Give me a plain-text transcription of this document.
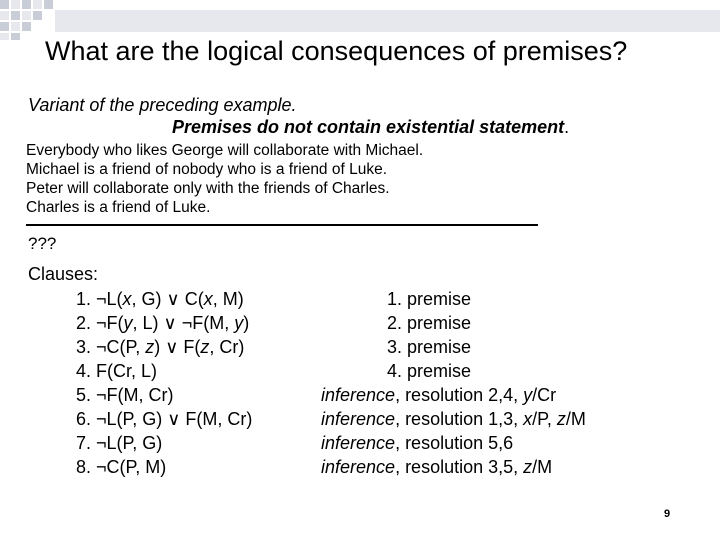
What are the logical consequences of premises?
Variant of the preceding example.
Premises do not contain existential statement.
Everybody who likes George will collaborate with Michael.
Michael is a friend of nobody who is a friend of Luke.
Peter will collaborate only with the friends of Charles.
Charles is a friend of Luke.
???
Clauses:
1. ¬L(x, G) ∨ C(x, M)
2. ¬F(y, L) ∨ ¬F(M, y)
3. ¬C(P, z) ∨ F(z, Cr)
4. F(Cr, L)
5. ¬F(M, Cr)
6. ¬L(P, G) ∨ F(M, Cr)
7. ¬L(P, G)
8. ¬C(P, M)
1. premise
2. premise
3. premise
4. premise
inference, resolution 2,4, y/Cr
inference, resolution 1,3, x/P, z/M
inference, resolution 5,6
inference, resolution 3,5, z/M
9
